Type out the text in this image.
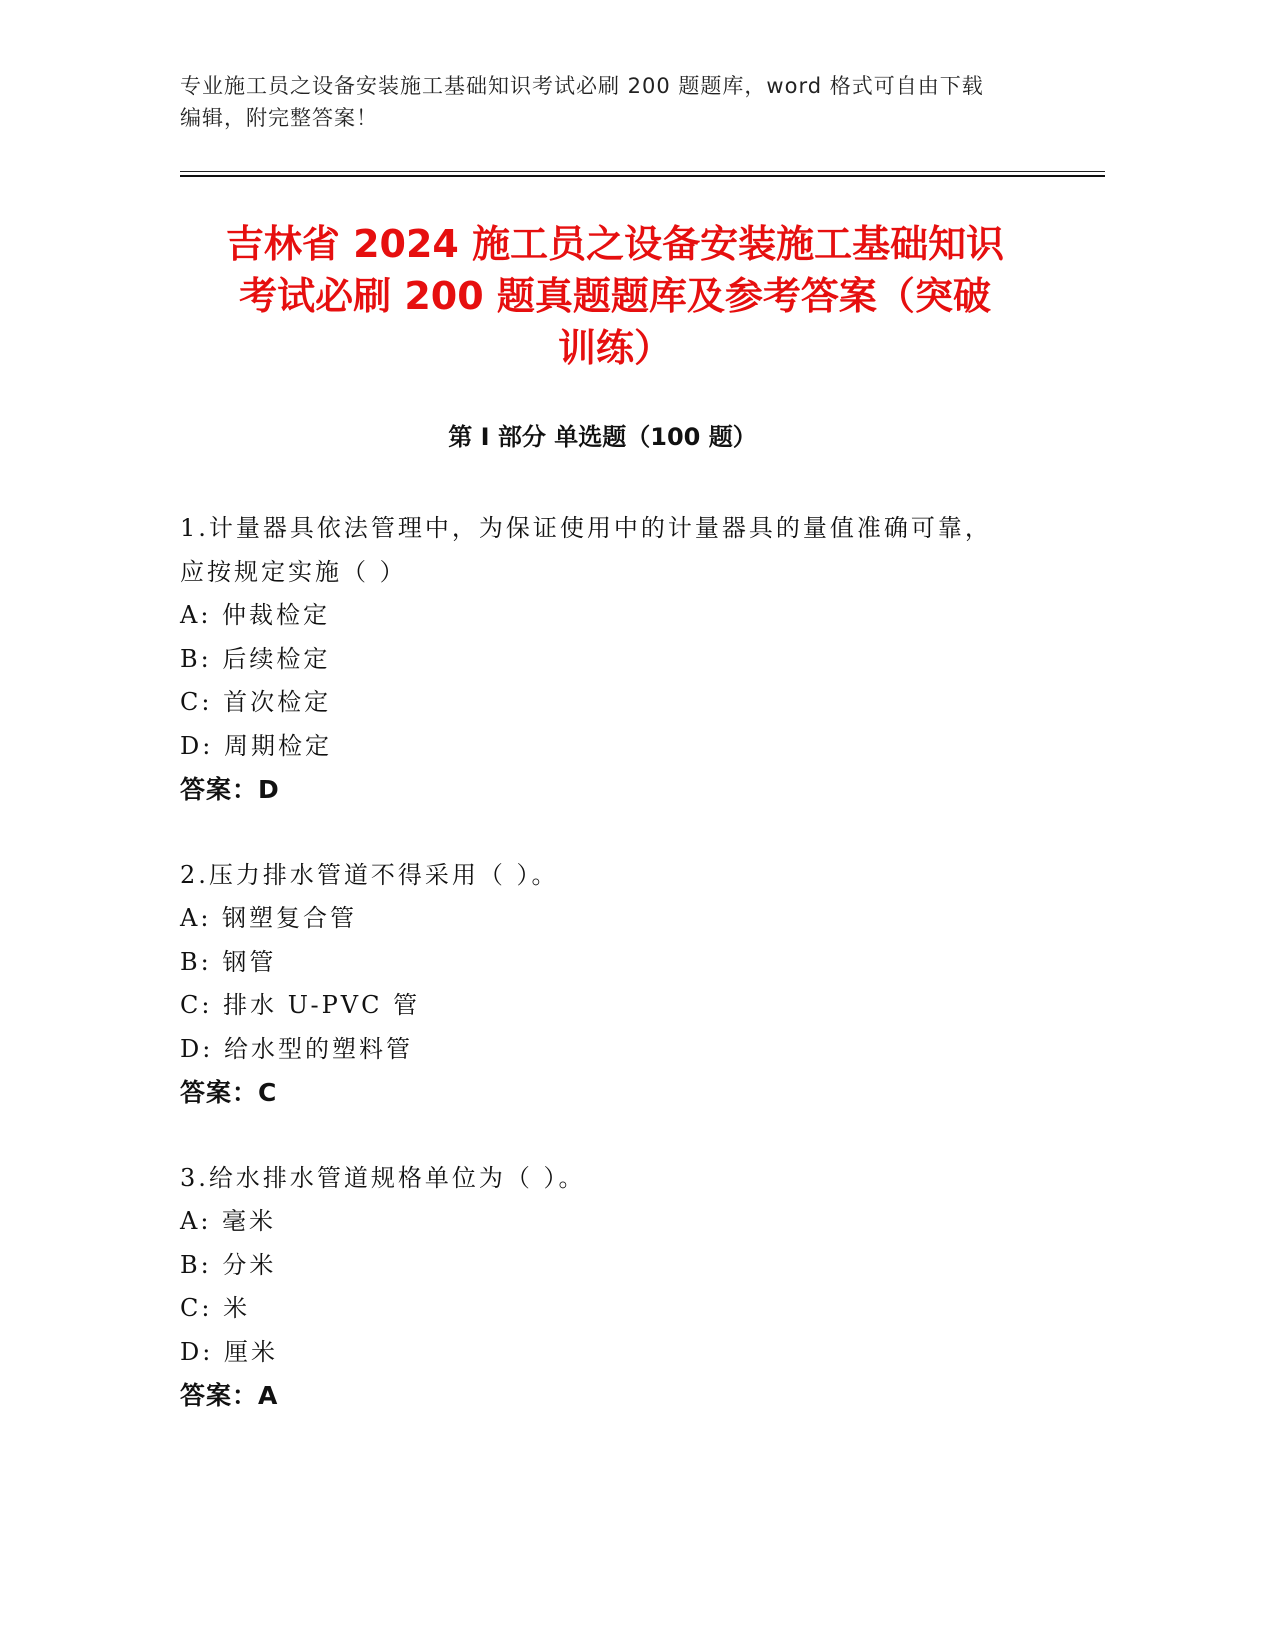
专业施工员之设备安装施工基础知识考试必刷 200 题题库，word 格式可自由下载
编辑，附完整答案！
吉林省 2024 施工员之设备安装施工基础知识
考试必刷 200 题真题题库及参考答案（突破
训练）
第 I 部分 单选题（100 题）
1.计量器具依法管理中，为保证使用中的计量器具的量值准确可靠，
应按规定实施（ ）
A: 仲裁检定
B: 后续检定
C: 首次检定
D: 周期检定
答案：D
2.压力排水管道不得采用（ ）。
A: 钢塑复合管
B: 钢管
C: 排水 U-PVC 管
D: 给水型的塑料管
答案：C
3.给水排水管道规格单位为（ ）。
A: 毫米
B: 分米
C: 米
D: 厘米
答案：A
